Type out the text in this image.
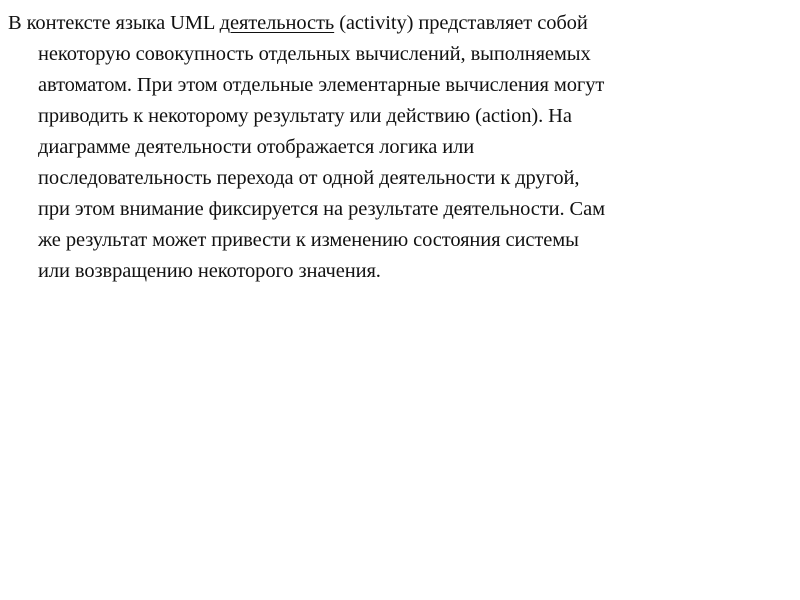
В контексте языка UML деятельность (activity) представляет собой
некоторую совокупность отдельных вычислений, выполняемых
автоматом. При этом отдельные элементарные вычисления могут
приводить к некоторому результату или действию (action). На
диаграмме деятельности отображается логика или
последовательность перехода от одной деятельности к другой,
при этом внимание фиксируется на результате деятельности. Сам
же результат может привести к изменению состояния системы
или возвращению некоторого значения.
